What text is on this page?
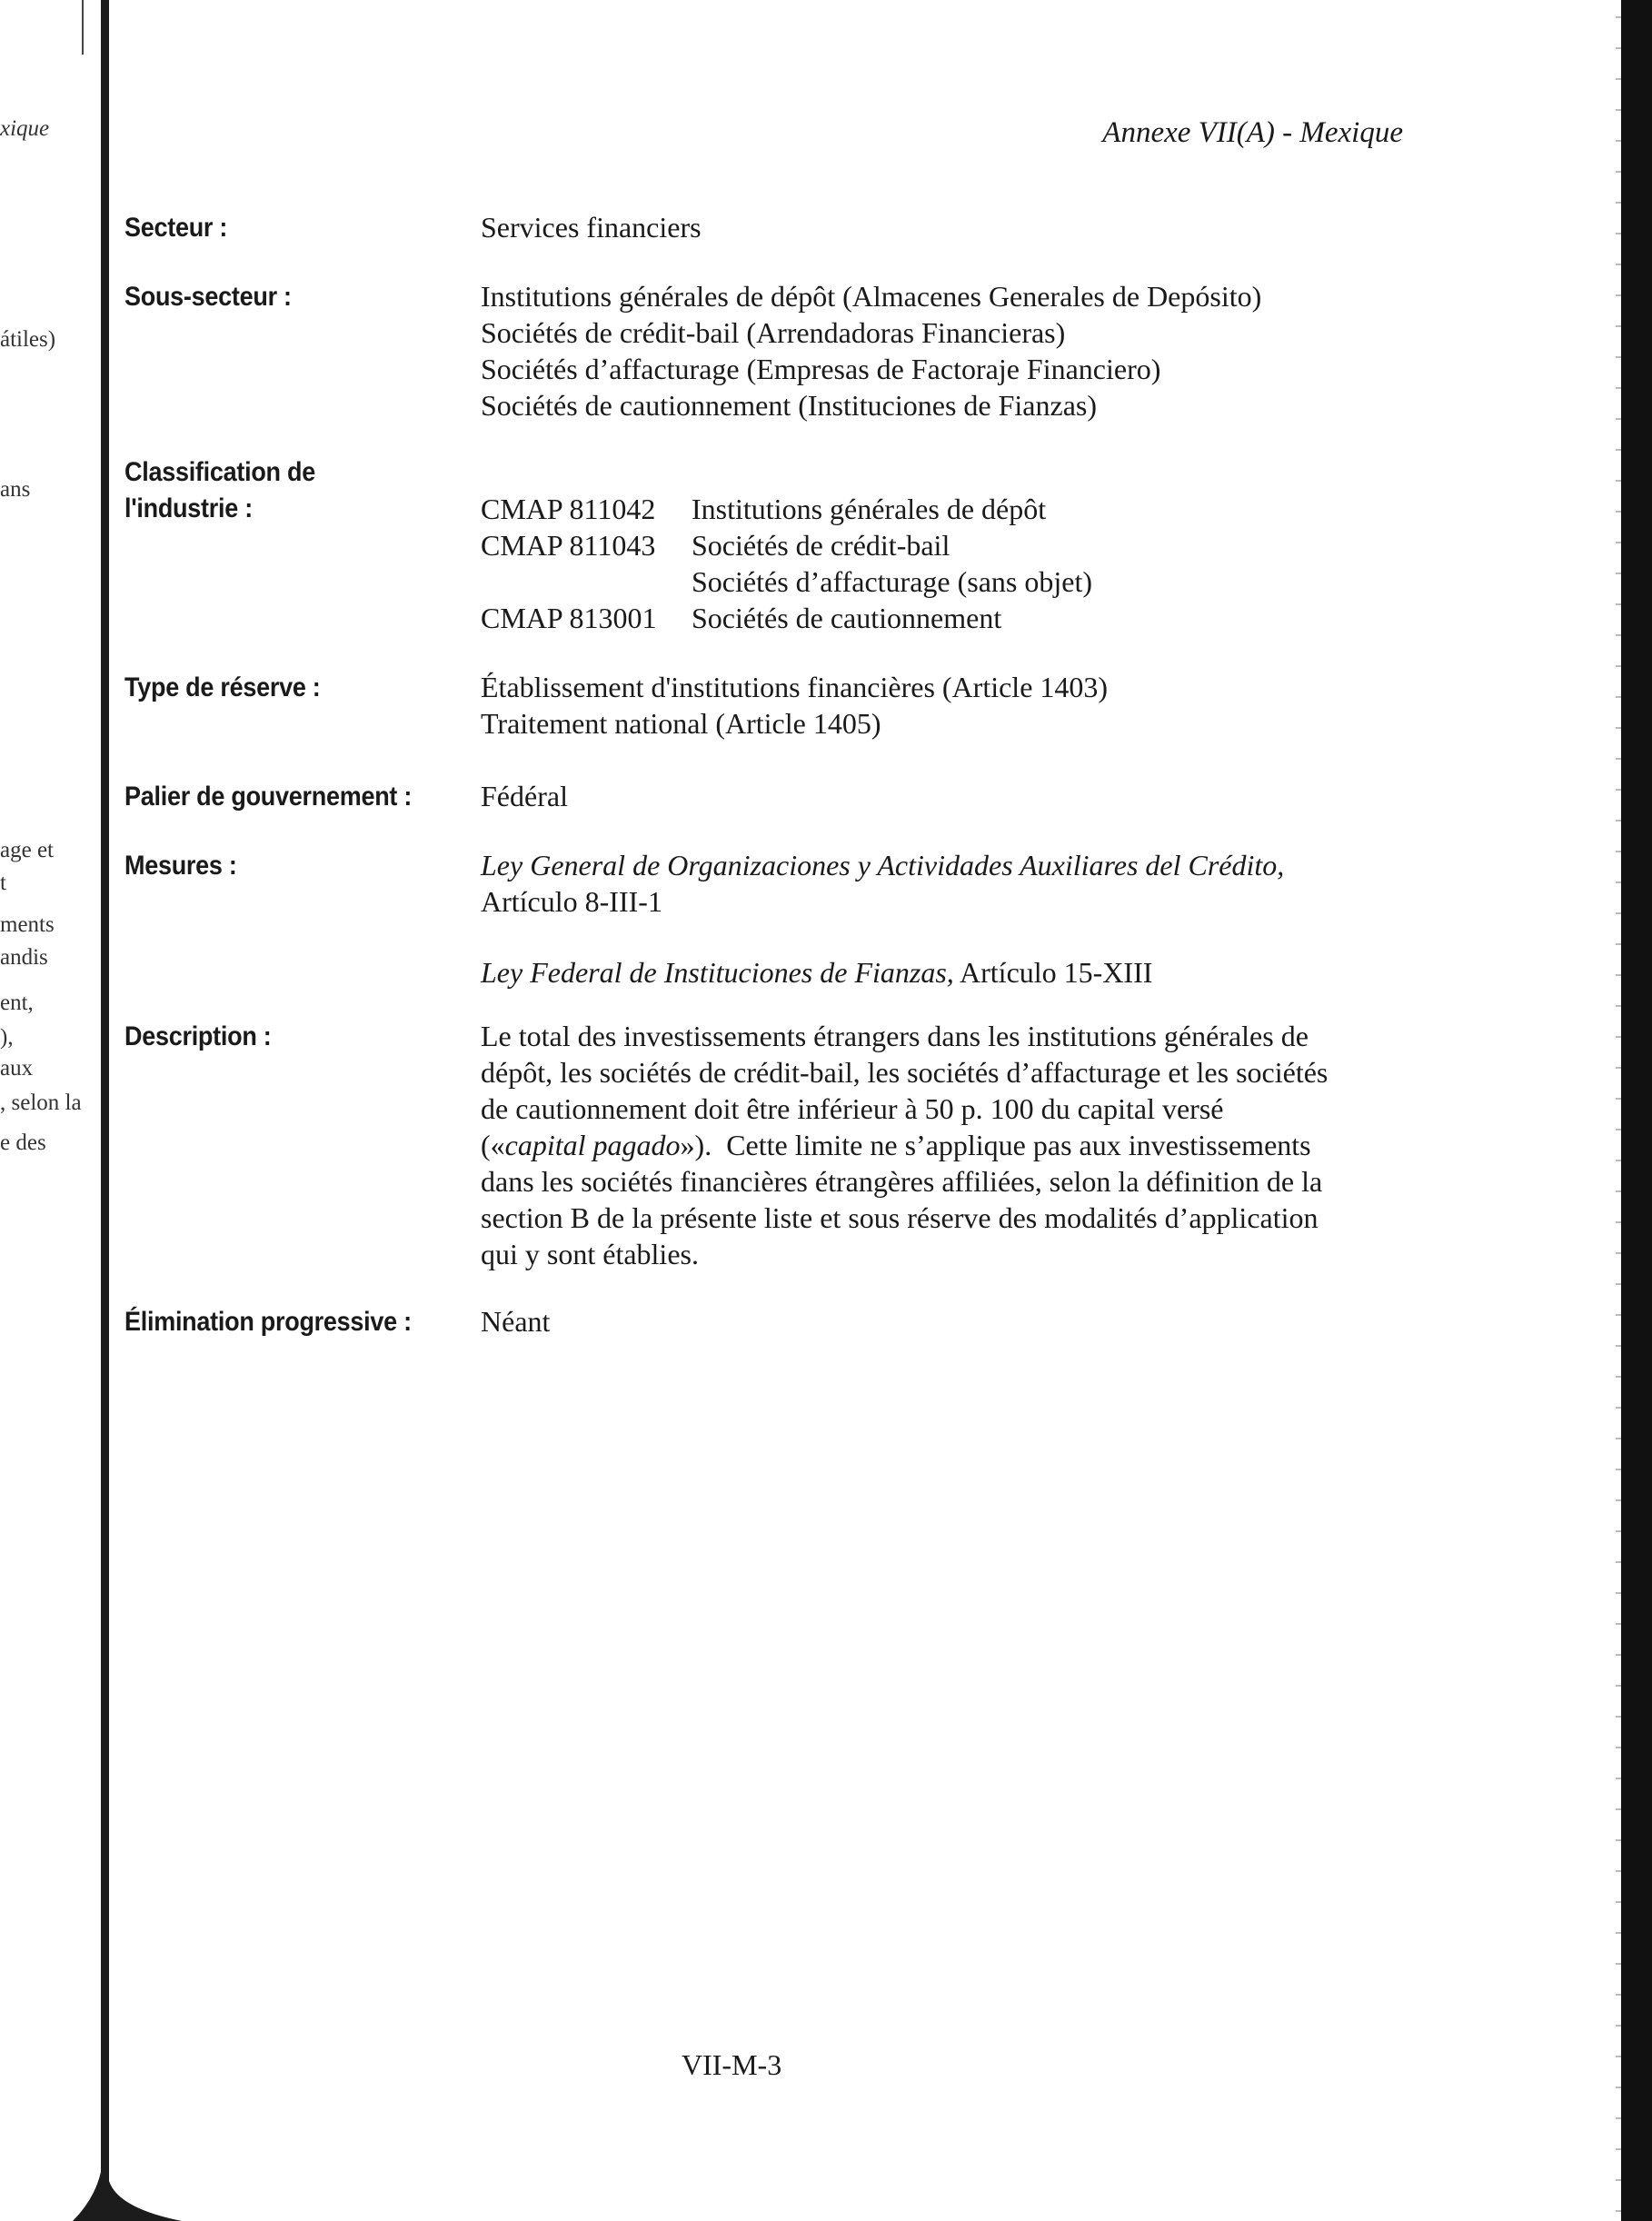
xique
átiles)
ans
age et
t
ments
andis
ent,
),
aux
, selon la
e des
Annexe VII(A) - Mexique
Secteur :	Services financiers
Sous-secteur :	Institutions générales de dépôt (Almacenes Generales de Depósito)
Sociétés de crédit-bail (Arrendadoras Financieras)
Sociétés d’affacturage (Empresas de Factoraje Financiero)
Sociétés de cautionnement (Instituciones de Fianzas)
Classification de
l'industrie :	CMAP 811042	Institutions générales de dépôt
CMAP 811043	Sociétés de crédit-bail
Sociétés d’affacturage (sans objet)
CMAP 813001	Sociétés de cautionnement
Type de réserve :	Établissement d'institutions financières (Article 1403)
Traitement national (Article 1405)
Palier de gouvernement :	Fédéral
Mesures :	Ley General de Organizaciones y Actividades Auxiliares del Crédito,
Artículo 8-III-1
Ley Federal de Instituciones de Fianzas, Artículo 15-XIII
Description :	Le total des investissements étrangers dans les institutions générales de
dépôt, les sociétés de crédit-bail, les sociétés d’affacturage et les sociétés
de cautionnement doit être inférieur à 50 p. 100 du capital versé
(«capital pagado»).  Cette limite ne s’applique pas aux investissements
dans les sociétés financières étrangères affiliées, selon la définition de la
section B de la présente liste et sous réserve des modalités d’application
qui y sont établies.
Élimination progressive :	Néant
VII-M-3
